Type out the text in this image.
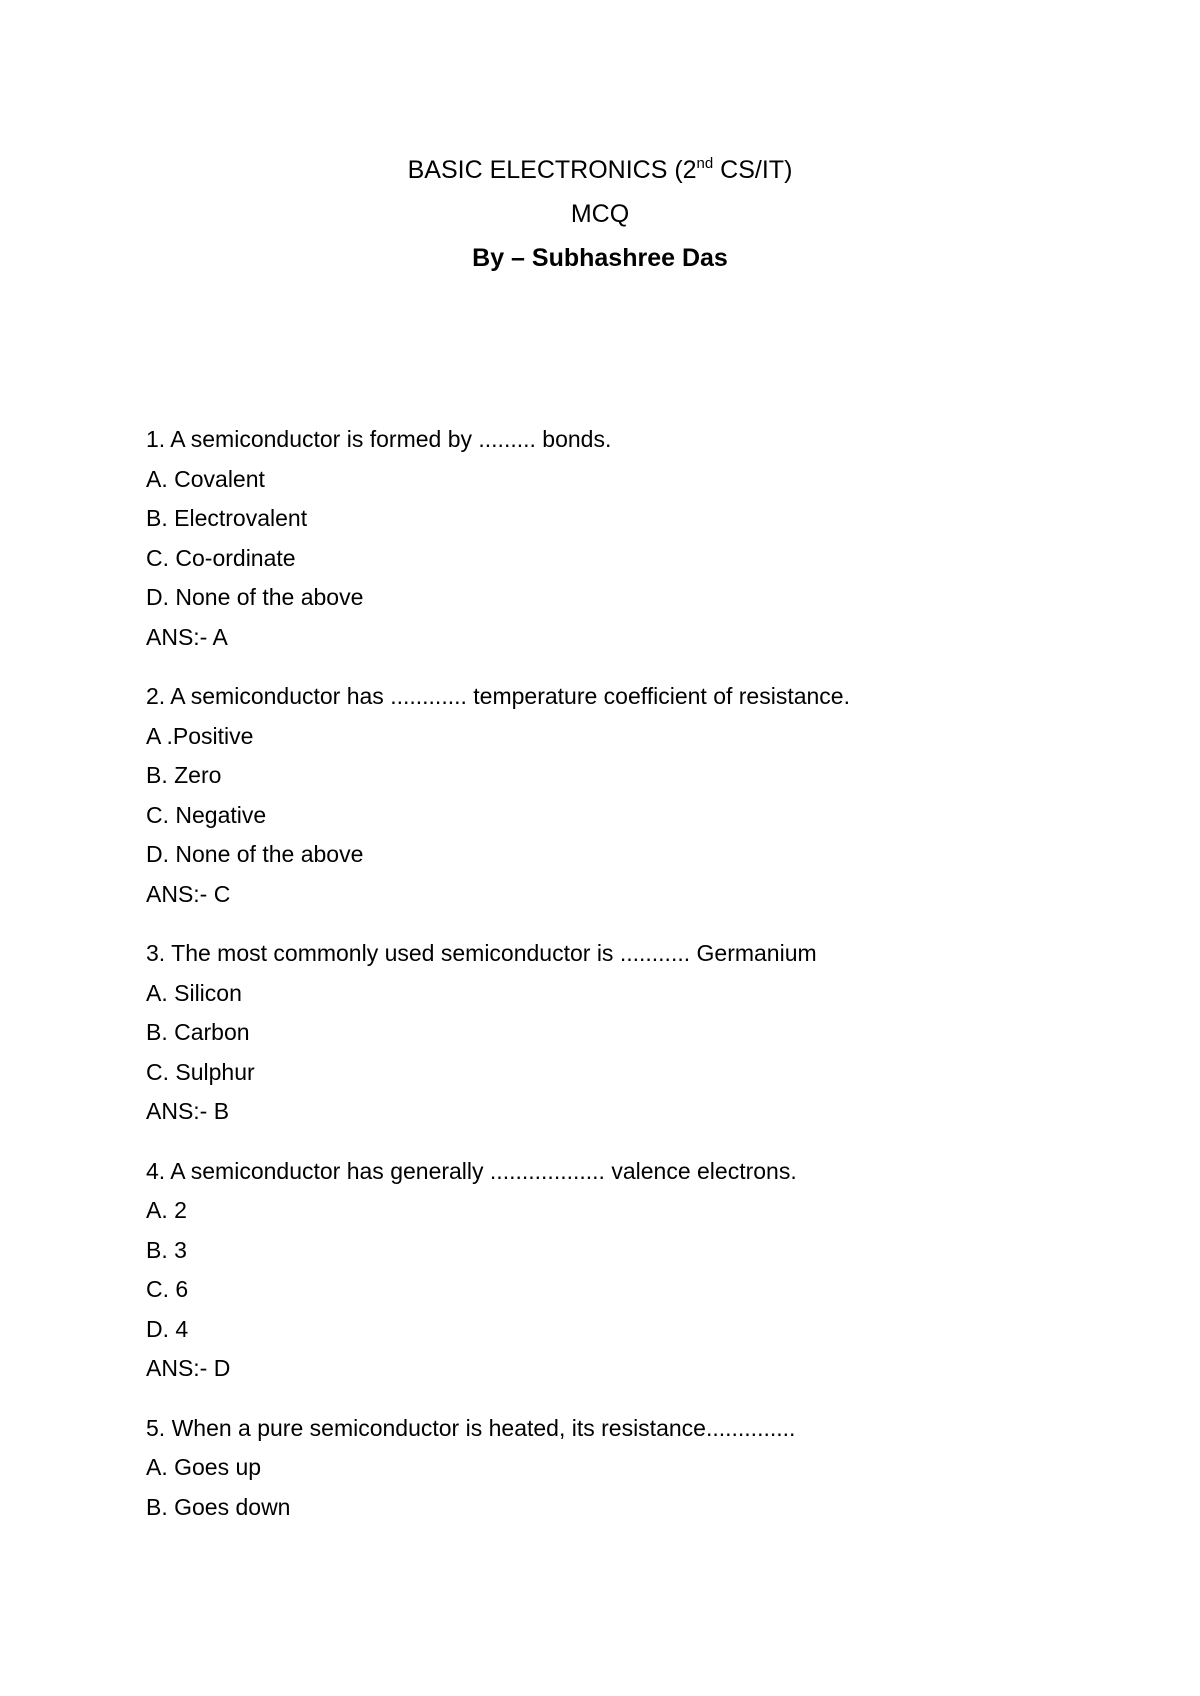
BASIC ELECTRONICS (2nd CS/IT)
MCQ
By – Subhashree Das
1. A semiconductor is formed by ......... bonds.
A. Covalent
B. Electrovalent
C. Co-ordinate
D. None of the above
ANS:- A
2. A semiconductor has ............ temperature coefficient of resistance.
A .Positive
B. Zero
C. Negative
D. None of the above
ANS:- C
3. The most commonly used semiconductor is ........... Germanium
A. Silicon
B. Carbon
C. Sulphur
ANS:- B
4. A semiconductor has generally .................. valence electrons.
A. 2
B. 3
C. 6
D. 4
ANS:- D
5. When a pure semiconductor is heated, its resistance..............
A. Goes up
B. Goes down
